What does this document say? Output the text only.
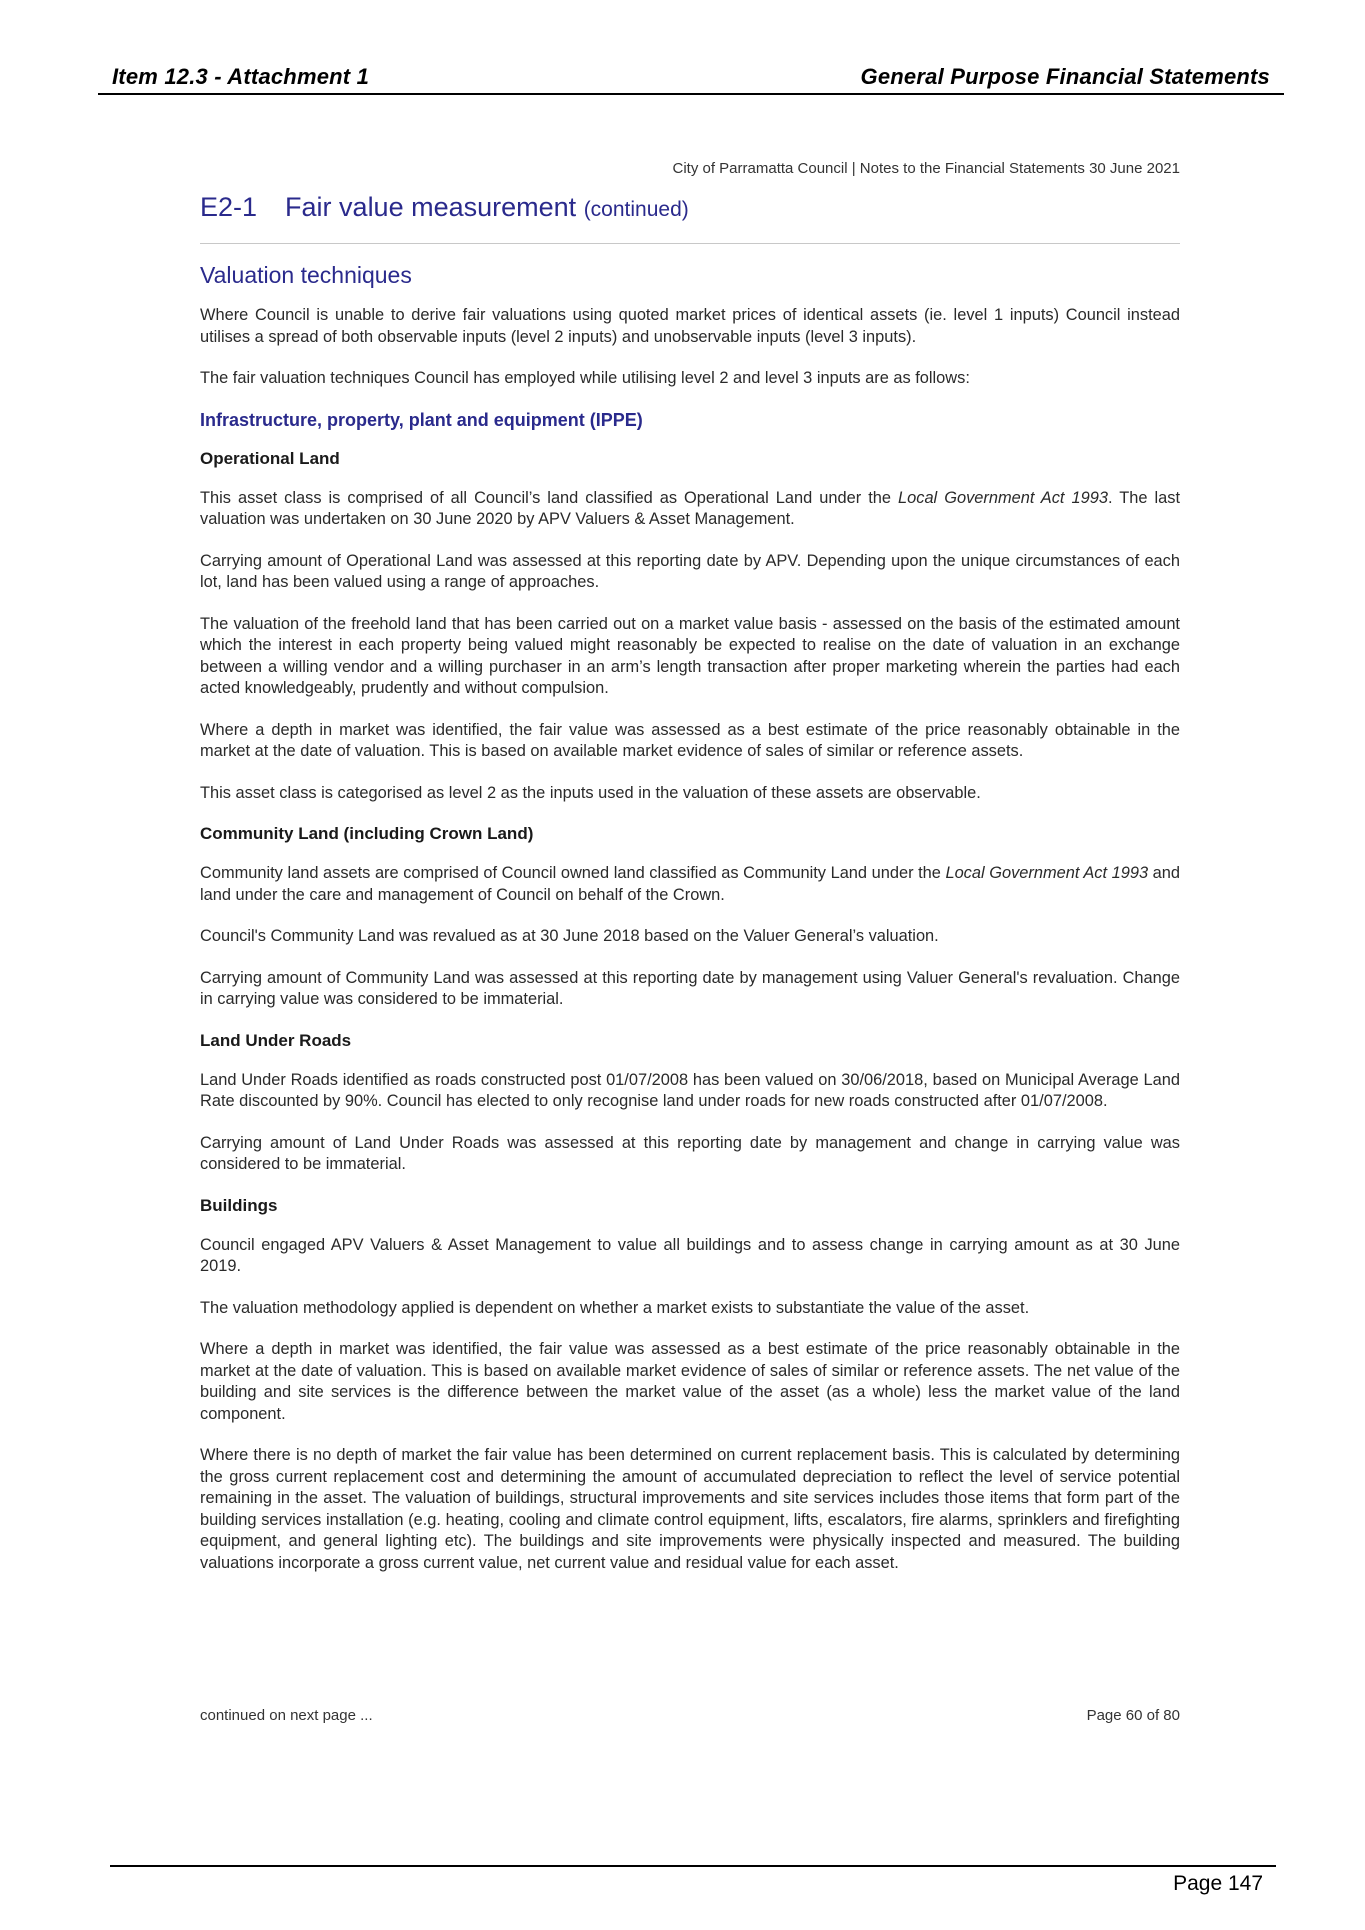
Item 12.3 - Attachment 1	General Purpose Financial Statements
City of Parramatta Council | Notes to the Financial Statements 30 June 2021
E2-1 Fair value measurement (continued)
Valuation techniques

Where Council is unable to derive fair valuations using quoted market prices of identical assets (ie. level 1 inputs) Council instead utilises a spread of both observable inputs (level 2 inputs) and unobservable inputs (level 3 inputs).

The fair valuation techniques Council has employed while utilising level 2 and level 3 inputs are as follows:

Infrastructure, property, plant and equipment (IPPE)
Operational Land

This asset class is comprised of all Council’s land classified as Operational Land under the Local Government Act 1993. The last valuation was undertaken on 30 June 2020 by APV Valuers & Asset Management.

Carrying amount of Operational Land was assessed at this reporting date by APV. Depending upon the unique circumstances of each lot, land has been valued using a range of approaches.

The valuation of the freehold land that has been carried out on a market value basis - assessed on the basis of the estimated amount which the interest in each property being valued might reasonably be expected to realise on the date of valuation in an exchange between a willing vendor and a willing purchaser in an arm’s length transaction after proper marketing wherein the parties had each acted knowledgeably, prudently and without compulsion.

Where a depth in market was identified, the fair value was assessed as a best estimate of the price reasonably obtainable in the market at the date of valuation. This is based on available market evidence of sales of similar or reference assets.

This asset class is categorised as level 2 as the inputs used in the valuation of these assets are observable.

Community Land (including Crown Land)

Community land assets are comprised of Council owned land classified as Community Land under the Local Government Act 1993 and land under the care and management of Council on behalf of the Crown.

Council's Community Land was revalued as at 30 June 2018 based on the Valuer General’s valuation.

Carrying amount of Community Land was assessed at this reporting date by management using Valuer General's revaluation. Change in carrying value was considered to be immaterial.

Land Under Roads

Land Under Roads identified as roads constructed post 01/07/2008 has been valued on 30/06/2018, based on Municipal Average Land Rate discounted by 90%. Council has elected to only recognise land under roads for new roads constructed after 01/07/2008.

Carrying amount of Land Under Roads was assessed at this reporting date by management and change in carrying value was considered to be immaterial.

Buildings

Council engaged APV Valuers & Asset Management to value all buildings and to assess change in carrying amount as at 30 June 2019.

The valuation methodology applied is dependent on whether a market exists to substantiate the value of the asset.

Where a depth in market was identified, the fair value was assessed as a best estimate of the price reasonably obtainable in the market at the date of valuation. This is based on available market evidence of sales of similar or reference assets. The net value of the building and site services is the difference between the market value of the asset (as a whole) less the market value of the land component.

Where there is no depth of market the fair value has been determined on current replacement basis. This is calculated by determining the gross current replacement cost and determining the amount of accumulated depreciation to reflect the level of service potential remaining in the asset. The valuation of buildings, structural improvements and site services includes those items that form part of the building services installation (e.g. heating, cooling and climate control equipment, lifts, escalators, fire alarms, sprinklers and firefighting equipment, and general lighting etc). The buildings and site improvements were physically inspected and measured. The building valuations incorporate a gross current value, net current value and residual value for each asset.

continued on next page ...	Page 60 of 80
Page 147
